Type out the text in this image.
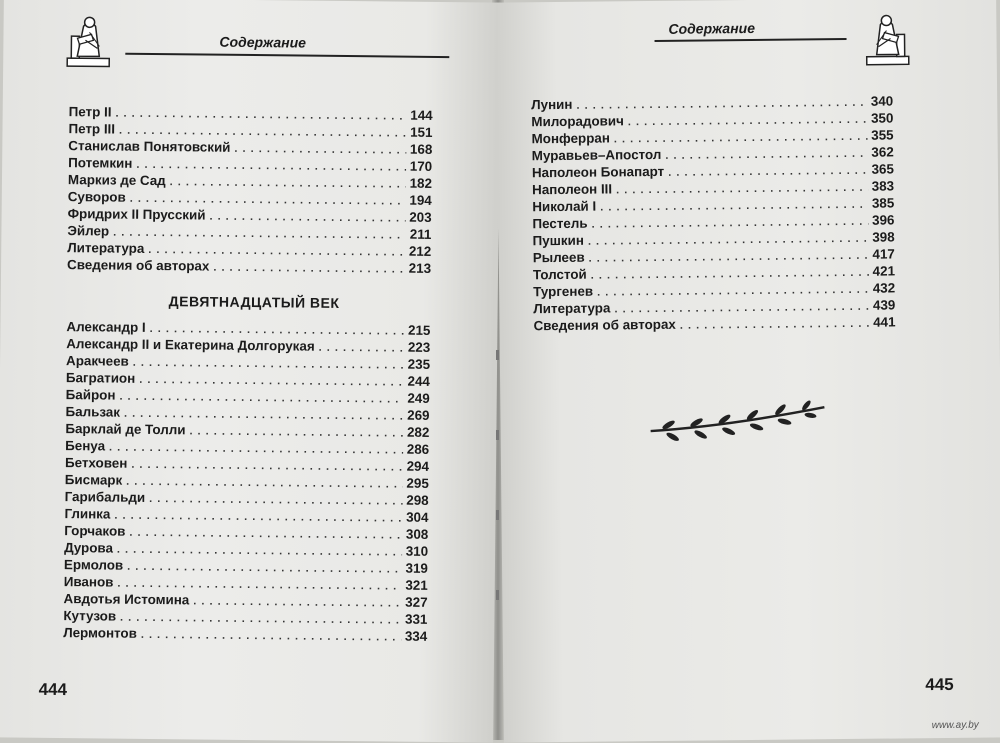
Содержание
Петр II . . .	144
Петр III . . .	151
Станислав Понятовский . . .	168
Потемкин . . .	170
Маркиз де Сад . . .	182
Суворов . . .	194
Фридрих II Прусский . . .	203
Эйлер . . .	211
Литература . . .	212
Сведения об авторах . . .	213
ДЕВЯТНАДЦАТЫЙ ВЕК
Александр I . . .	215
Александр II и Екатерина Долгорукая . . .	223
Аракчеев . . .	235
Багратион . . .	244
Байрон . . .	249
Бальзак . . .	269
Барклай де Толли . . .	282
Бенуа . . .	286
Бетховен . . .	294
Бисмарк . . .	295
Гарибальди . . .	298
Глинка . . .	304
Горчаков . . .	308
Дурова . . .	310
Ермолов . . .	319
Иванов . . .	321
Авдотья Истомина . . .	327
Кутузов . . .	331
Лермонтов . . .	334
444
Содержание
Лунин . . .	340
Милорадович . . .	350
Монферран . . .	355
Муравьев–Апостол . . .	362
Наполеон Бонапарт . . .	365
Наполеон III . . .	383
Николай I . . .	385
Пестель . . .	396
Пушкин . . .	398
Рылеев . . .	417
Толстой . . .	421
Тургенев . . .	432
Литература . . .	439
Сведения об авторах . . .	441
445
www.ay.by
